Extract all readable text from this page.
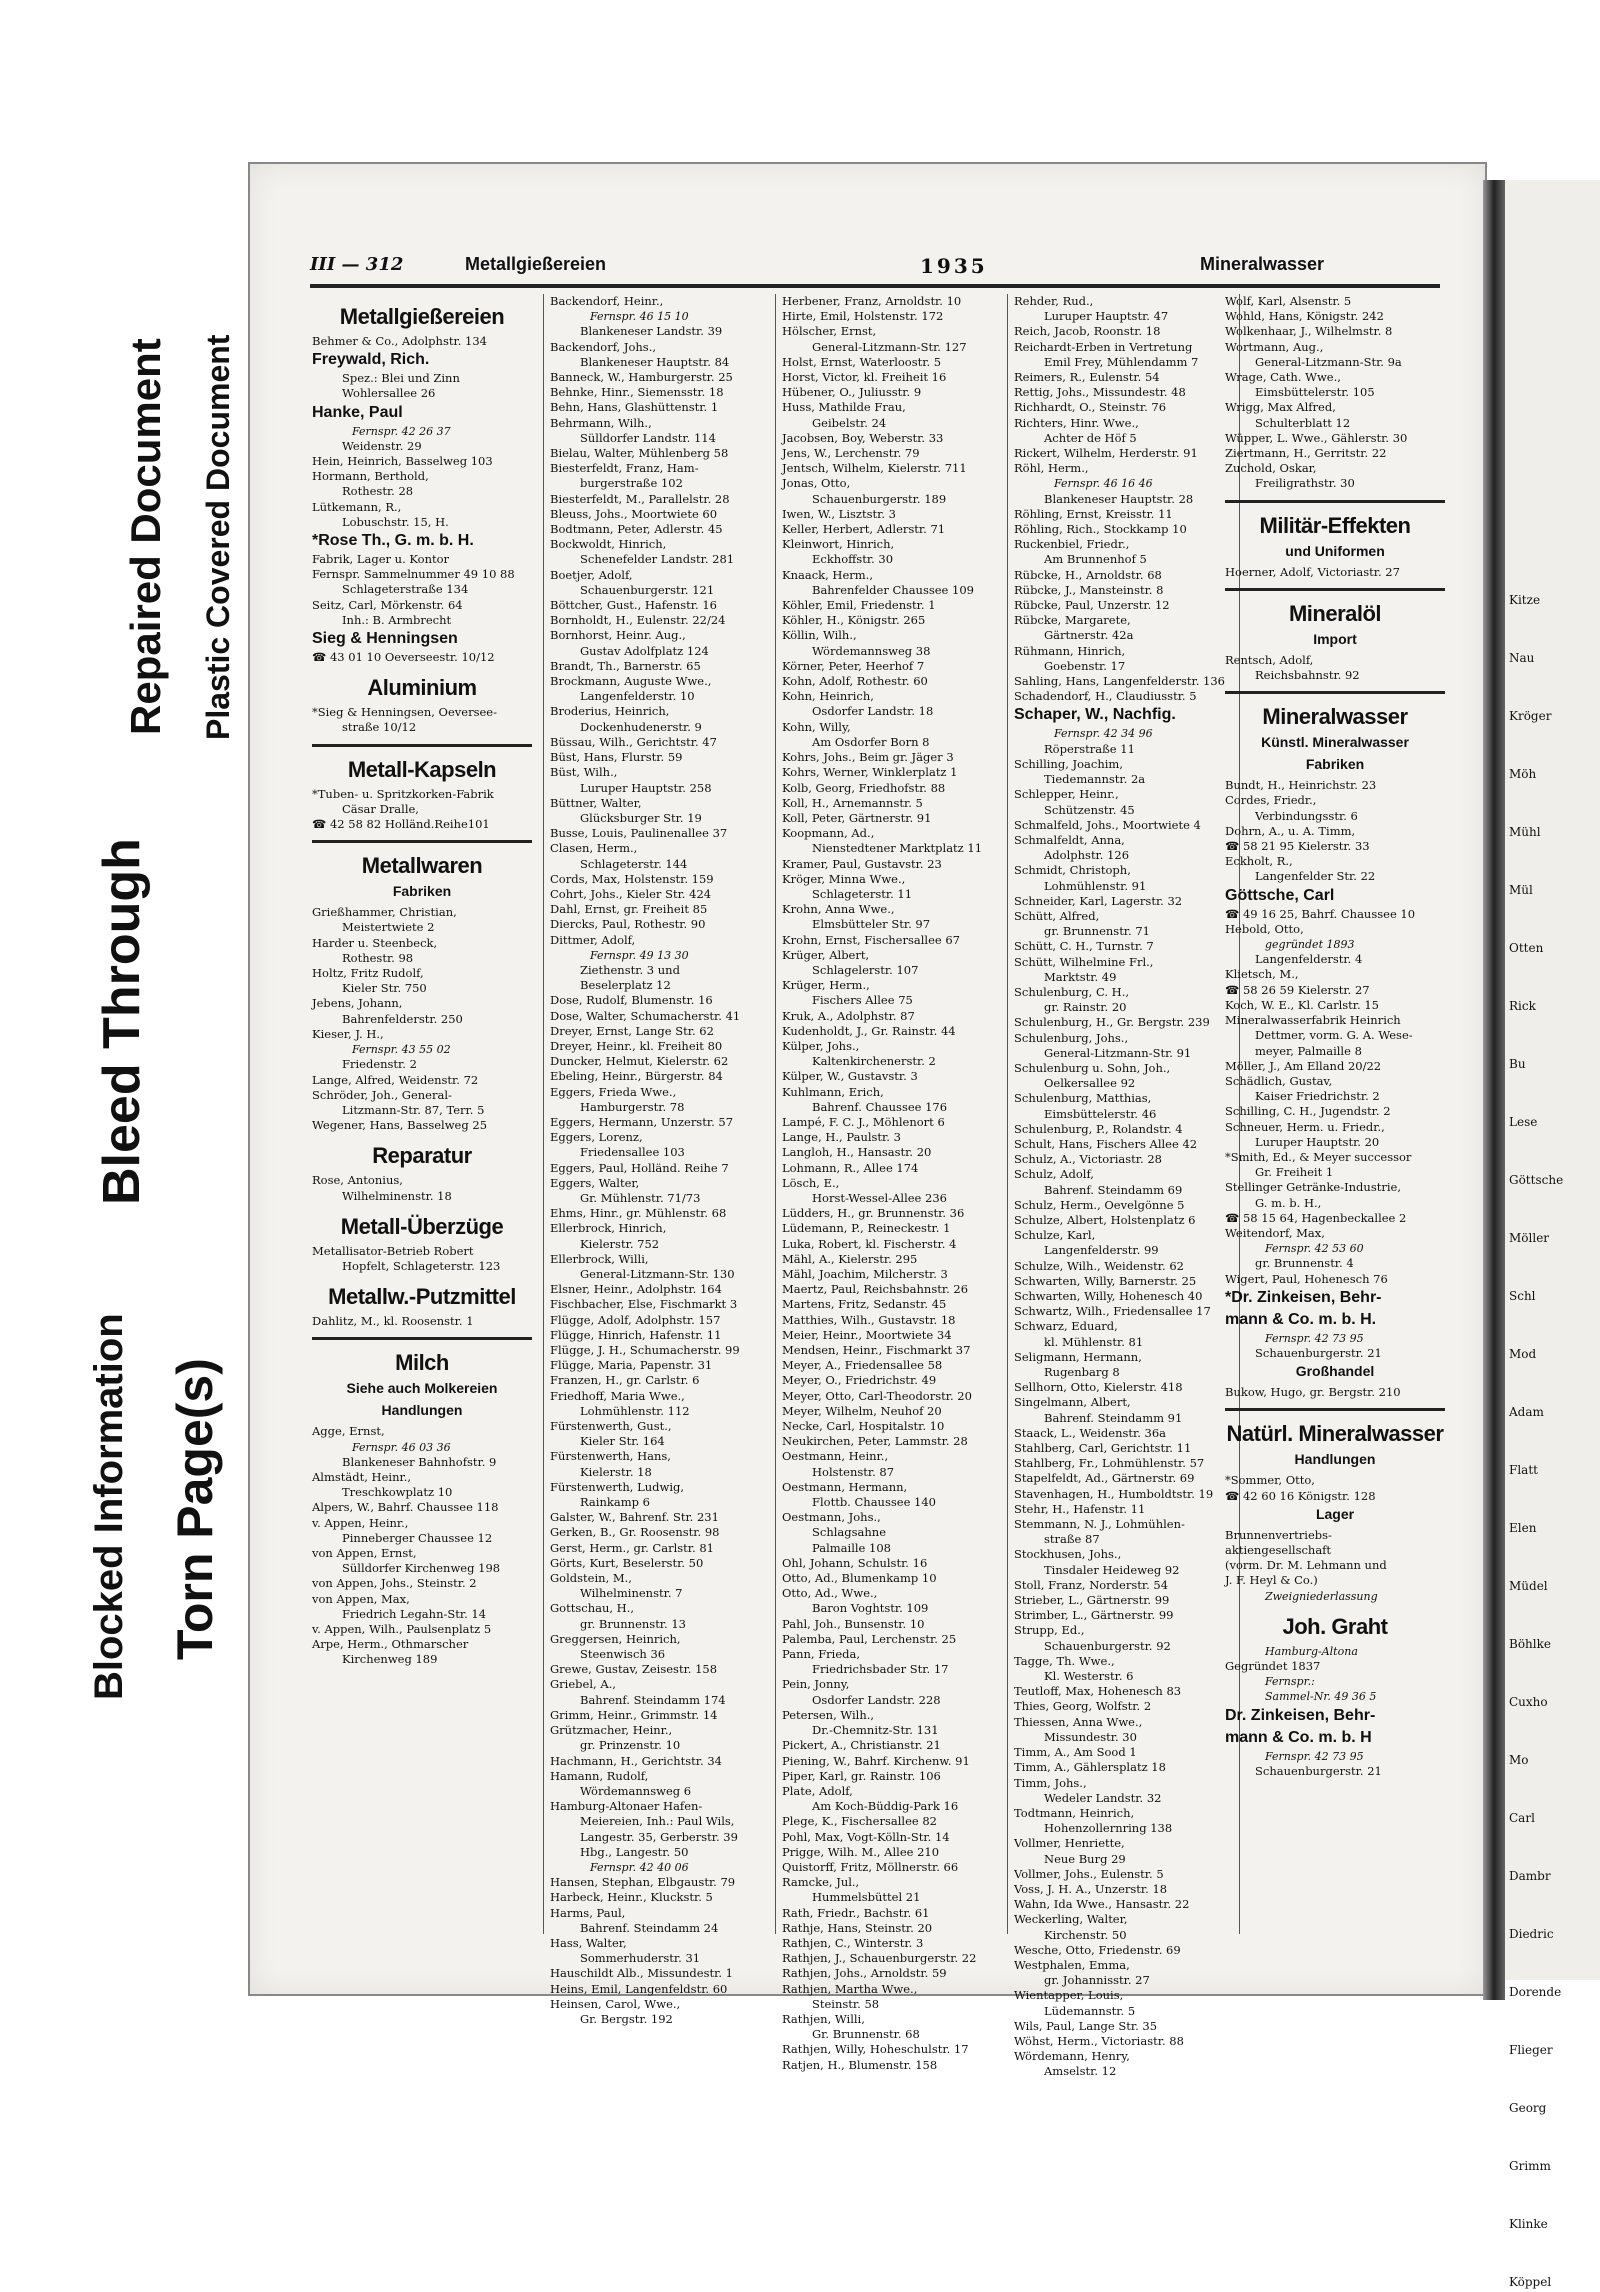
Bleed Through
Repaired Document Plastic Covered Document
Blocked Information Torn Page(s)
III — 312	Metallgießereien	1935	Mineralwasser
Metallgießereien
Behmer & Co., Adolphstr. 134
Freywald, Rich.
Spez.: Blei und Zinn
Wohlersallee 26
Hanke, Paul
Fernspr. 42 26 37
Weidenstr. 29
Hein, Heinrich, Basselweg 103
Hormann, Berthold,
Rothestr. 28
Lütkemann, R.,
Lobuschstr. 15, H.
*Rose Th., G. m. b. H.
Fabrik, Lager u. Kontor
Fernspr. Sammelnummer 49 10 88
Schlageterstraße 134
Seitz, Carl, Mörkenstr. 64
Inh.: B. Armbrecht
Sieg & Henningsen
☎ 43 01 10 Oeverseestr. 10/12
Aluminium
*Sieg & Henningsen, Oeversee-
straße 10/12
Metall-Kapseln
*Tuben- u. Spritzkorken-Fabrik
Cäsar Dralle,
☎ 42 58 82 Holländ.Reihe101
Metallwaren
Fabriken
Grießhammer, Christian,
Meistertwiete 2
Harder u. Steenbeck,
Rothestr. 98
Holtz, Fritz Rudolf,
Kieler Str. 750
Jebens, Johann,
Bahrenfelderstr. 250
Kieser, J. H.,
Fernspr. 43 55 02
Friedenstr. 2
Lange, Alfred, Weidenstr. 72
Schröder, Joh., General-
Litzmann-Str. 87, Terr. 5
Wegener, Hans, Basselweg 25
Reparatur
Rose, Antonius,
Wilhelminenstr. 18
Metall-Überzüge
Metallisator-Betrieb Robert
Hopfelt, Schlageterstr. 123
Metallw.-Putzmittel
Dahlitz, M., kl. Roosenstr. 1
Milch
Siehe auch Molkereien
Handlungen
Agge, Ernst,
Fernspr. 46 03 36
Blankeneser Bahnhofstr. 9
Almstädt, Heinr.,
Treschkowplatz 10
Alpers, W., Bahrf. Chaussee 118
v. Appen, Heinr.,
Pinneberger Chaussee 12
von Appen, Ernst,
Sülldorfer Kirchenweg 198
von Appen, Johs., Steinstr. 2
von Appen, Max,
Friedrich Legahn-Str. 14
v. Appen, Wilh., Paulsenplatz 5
Arpe, Herm., Othmarscher
Kirchenweg 189
Backendorf, Heinr.,
Fernspr. 46 15 10
Blankeneser Landstr. 39
Backendorf, Johs.,
Blankeneser Hauptstr. 84
Banneck, W., Hamburgerstr. 25
Behnke, Hinr., Siemensstr. 18
Behn, Hans, Glashüttenstr. 1
Behrmann, Wilh.,
Sülldorfer Landstr. 114
Bielau, Walter, Mühlenberg 58
Biesterfeldt, Franz, Ham-
burgerstraße 102
Biesterfeldt, M., Parallelstr. 28
Bleuss, Johs., Moortwiete 60
Bodtmann, Peter, Adlerstr. 45
Bockwoldt, Hinrich,
Schenefelder Landstr. 281
Boetjer, Adolf,
Schauenburgerstr. 121
Böttcher, Gust., Hafenstr. 16
Bornholdt, H., Eulenstr. 22/24
Bornhorst, Heinr. Aug.,
Gustav Adolfplatz 124
Brandt, Th., Barnerstr. 65
Brockmann, Auguste Wwe.,
Langenfelderstr. 10
Broderius, Heinrich,
Dockenhudenerstr. 9
Büssau, Wilh., Gerichtstr. 47
Büst, Hans, Flurstr. 59
Büst, Wilh.,
Luruper Hauptstr. 258
Büttner, Walter,
Glücksburger Str. 19
Busse, Louis, Paulinenallee 37
Clasen, Herm.,
Schlageterstr. 144
Cords, Max, Holstenstr. 159
Cohrt, Johs., Kieler Str. 424
Dahl, Ernst, gr. Freiheit 85
Diercks, Paul, Rothestr. 90
Dittmer, Adolf,
Fernspr. 49 13 30
Ziethenstr. 3 und
Beselerplatz 12
Dose, Rudolf, Blumenstr. 16
Dose, Walter, Schumacherstr. 41
Dreyer, Ernst, Lange Str. 62
Dreyer, Heinr., kl. Freiheit 80
Duncker, Helmut, Kielerstr. 62
Ebeling, Heinr., Bürgerstr. 84
Eggers, Frieda Wwe.,
Hamburgerstr. 78
Eggers, Hermann, Unzerstr. 57
Eggers, Lorenz,
Friedensallee 103
Eggers, Paul, Holländ. Reihe 7
Eggers, Walter,
Gr. Mühlenstr. 71/73
Ehms, Hinr., gr. Mühlenstr. 68
Ellerbrock, Hinrich,
Kielerstr. 752
Ellerbrock, Willi,
General-Litzmann-Str. 130
Elsner, Heinr., Adolphstr. 164
Fischbacher, Else, Fischmarkt 3
Flügge, Adolf, Adolphstr. 157
Flügge, Hinrich, Hafenstr. 11
Flügge, J. H., Schumacherstr. 99
Flügge, Maria, Papenstr. 31
Franzen, H., gr. Carlstr. 6
Friedhoff, Maria Wwe.,
Lohmühlenstr. 112
Fürstenwerth, Gust.,
Kieler Str. 164
Fürstenwerth, Hans,
Kielerstr. 18
Fürstenwerth, Ludwig,
Rainkamp 6
Galster, W., Bahrenf. Str. 231
Gerken, B., Gr. Roosenstr. 98
Gerst, Herm., gr. Carlstr. 81
Görts, Kurt, Beselerstr. 50
Goldstein, M.,
Wilhelminenstr. 7
Gottschau, H.,
gr. Brunnenstr. 13
Greggersen, Heinrich,
Steenwisch 36
Grewe, Gustav, Zeisestr. 158
Griebel, A.,
Bahrenf. Steindamm 174
Grimm, Heinr., Grimmstr. 14
Grützmacher, Heinr.,
gr. Prinzenstr. 10
Hachmann, H., Gerichtstr. 34
Hamann, Rudolf,
Wördemannsweg 6
Hamburg-Altonaer Hafen-
Meiereien, Inh.: Paul Wils,
Langestr. 35, Gerberstr. 39
Hbg., Langestr. 50
Fernspr. 42 40 06
Hansen, Stephan, Elbgaustr. 79
Harbeck, Heinr., Kluckstr. 5
Harms, Paul,
Bahrenf. Steindamm 24
Hass, Walter,
Sommerhuderstr. 31
Hauschildt Alb., Missundestr. 1
Heins, Emil, Langenfeldstr. 60
Heinsen, Carol, Wwe.,
Gr. Bergstr. 192
Herbener, Franz, Arnoldstr. 10
Hirte, Emil, Holstenstr. 172
Hölscher, Ernst,
General-Litzmann-Str. 127
Holst, Ernst, Waterloostr. 5
Horst, Victor, kl. Freiheit 16
Hübener, O., Juliusstr. 9
Huss, Mathilde Frau,
Geibelstr. 24
Jacobsen, Boy, Weberstr. 33
Jens, W., Lerchenstr. 79
Jentsch, Wilhelm, Kielerstr. 711
Jonas, Otto,
Schauenburgerstr. 189
Iwen, W., Lisztstr. 3
Keller, Herbert, Adlerstr. 71
Kleinwort, Hinrich,
Eckhoffstr. 30
Knaack, Herm.,
Bahrenfelder Chaussee 109
Köhler, Emil, Friedenstr. 1
Köhler, H., Königstr. 265
Köllin, Wilh.,
Wördemannsweg 38
Körner, Peter, Heerhof 7
Kohn, Adolf, Rothestr. 60
Kohn, Heinrich,
Osdorfer Landstr. 18
Kohn, Willy,
Am Osdorfer Born 8
Kohrs, Johs., Beim gr. Jäger 3
Kohrs, Werner, Winklerplatz 1
Kolb, Georg, Friedhofstr. 88
Koll, H., Arnemannstr. 5
Koll, Peter, Gärtnerstr. 91
Koopmann, Ad.,
Nienstedtener Marktplatz 11
Kramer, Paul, Gustavstr. 23
Kröger, Minna Wwe.,
Schlageterstr. 11
Krohn, Anna Wwe.,
Elmsbütteler Str. 97
Krohn, Ernst, Fischersallee 67
Krüger, Albert,
Schlagelerstr. 107
Krüger, Herm.,
Fischers Allee 75
Kruk, A., Adolphstr. 87
Kudenholdt, J., Gr. Rainstr. 44
Külper, Johs.,
Kaltenkirchenerstr. 2
Külper, W., Gustavstr. 3
Kuhlmann, Erich,
Bahrenf. Chaussee 176
Lampé, F. C. J., Möhlenort 6
Lange, H., Paulstr. 3
Langloh, H., Hansastr. 20
Lohmann, R., Allee 174
Lösch, E.,
Horst-Wessel-Allee 236
Lüdders, H., gr. Brunnenstr. 36
Lüdemann, P., Reineckestr. 1
Luka, Robert, kl. Fischerstr. 4
Mähl, A., Kielerstr. 295
Mähl, Joachim, Milcherstr. 3
Maertz, Paul, Reichsbahnstr. 26
Martens, Fritz, Sedanstr. 45
Matthies, Wilh., Gustavstr. 18
Meier, Heinr., Moortwiete 34
Mendsen, Heinr., Fischmarkt 37
Meyer, A., Friedensallee 58
Meyer, O., Friedrichstr. 49
Meyer, Otto, Carl-Theodorstr. 20
Meyer, Wilhelm, Neuhof 20
Necke, Carl, Hospitalstr. 10
Neukirchen, Peter, Lammstr. 28
Oestmann, Heinr.,
Holstenstr. 87
Oestmann, Hermann,
Flottb. Chaussee 140
Oestmann, Johs.,
Schlagsahne
Palmaille 108
Ohl, Johann, Schulstr. 16
Otto, Ad., Blumenkamp 10
Otto, Ad., Wwe.,
Baron Voghtstr. 109
Pahl, Joh., Bunsenstr. 10
Palemba, Paul, Lerchenstr. 25
Pann, Frieda,
Friedrichsbader Str. 17
Pein, Jonny,
Osdorfer Landstr. 228
Petersen, Wilh.,
Dr.-Chemnitz-Str. 131
Pickert, A., Christianstr. 21
Piening, W., Bahrf. Kirchenw. 91
Piper, Karl, gr. Rainstr. 106
Plate, Adolf,
Am Koch-Büddig-Park 16
Plege, K., Fischersallee 82
Pohl, Max, Vogt-Kölln-Str. 14
Prigge, Wilh. M., Allee 210
Quistorff, Fritz, Möllnerstr. 66
Ramcke, Jul.,
Hummelsbüttel 21
Rath, Friedr., Bachstr. 61
Rathje, Hans, Steinstr. 20
Rathjen, C., Winterstr. 3
Rathjen, J., Schauenburgerstr. 22
Rathjen, Johs., Arnoldstr. 59
Rathjen, Martha Wwe.,
Steinstr. 58
Rathjen, Willi,
Gr. Brunnenstr. 68
Rathjen, Willy, Hoheschulstr. 17
Ratjen, H., Blumenstr. 158
Rehder, Rud.,
Luruper Hauptstr. 47
Reich, Jacob, Roonstr. 18
Reichardt-Erben in Vertretung
Emil Frey, Mühlendamm 7
Reimers, R., Eulenstr. 54
Rettig, Johs., Missundestr. 48
Richhardt, O., Steinstr. 76
Richters, Hinr. Wwe.,
Achter de Höf 5
Rickert, Wilhelm, Herderstr. 91
Röhl, Herm.,
Fernspr. 46 16 46
Blankeneser Hauptstr. 28
Röhling, Ernst, Kreisstr. 11
Röhling, Rich., Stockkamp 10
Ruckenbiel, Friedr.,
Am Brunnenhof 5
Rübcke, H., Arnoldstr. 68
Rübcke, J., Mansteinstr. 8
Rübcke, Paul, Unzerstr. 12
Rübcke, Margarete,
Gärtnerstr. 42a
Rühmann, Hinrich,
Goebenstr. 17
Sahling, Hans, Langenfelderstr. 136
Schadendorf, H., Claudiusstr. 5
Schaper, W., Nachfig.
Fernspr. 42 34 96
Röperstraße 11
Schilling, Joachim,
Tiedemannstr. 2a
Schlepper, Heinr.,
Schützenstr. 45
Schmalfeld, Johs., Moortwiete 4
Schmalfeldt, Anna,
Adolphstr. 126
Schmidt, Christoph,
Lohmühlenstr. 91
Schneider, Karl, Lagerstr. 32
Schütt, Alfred,
gr. Brunnenstr. 71
Schütt, C. H., Turnstr. 7
Schütt, Wilhelmine Frl.,
Marktstr. 49
Schulenburg, C. H.,
gr. Rainstr. 20
Schulenburg, H., Gr. Bergstr. 239
Schulenburg, Johs.,
General-Litzmann-Str. 91
Schulenburg u. Sohn, Joh.,
Oelkersallee 92
Schulenburg, Matthias,
Eimsbüttelerstr. 46
Schulenburg, P., Rolandstr. 4
Schult, Hans, Fischers Allee 42
Schulz, A., Victoriastr. 28
Schulz, Adolf,
Bahrenf. Steindamm 69
Schulz, Herm., Oevelgönne 5
Schulze, Albert, Holstenplatz 6
Schulze, Karl,
Langenfelderstr. 99
Schulze, Wilh., Weidenstr. 62
Schwarten, Willy, Barnerstr. 25
Schwarten, Willy, Hohenesch 40
Schwartz, Wilh., Friedensallee 17
Schwarz, Eduard,
kl. Mühlenstr. 81
Seligmann, Hermann,
Rugenbarg 8
Sellhorn, Otto, Kielerstr. 418
Singelmann, Albert,
Bahrenf. Steindamm 91
Staack, L., Weidenstr. 36a
Stahlberg, Carl, Gerichtstr. 11
Stahlberg, Fr., Lohmühlenstr. 57
Stapelfeldt, Ad., Gärtnerstr. 69
Stavenhagen, H., Humboldtstr. 19
Stehr, H., Hafenstr. 11
Stemmann, N. J., Lohmühlen-
straße 87
Stockhusen, Johs.,
Tinsdaler Heideweg 92
Stoll, Franz, Norderstr. 54
Strieber, L., Gärtnerstr. 99
Strimber, L., Gärtnerstr. 99
Strupp, Ed.,
Schauenburgerstr. 92
Tagge, Th. Wwe.,
Kl. Westerstr. 6
Teutloff, Max, Hohenesch 83
Thies, Georg, Wolfstr. 2
Thiessen, Anna Wwe.,
Missundestr. 30
Timm, A., Am Sood 1
Timm, A., Gählersplatz 18
Timm, Johs.,
Wedeler Landstr. 32
Todtmann, Heinrich,
Hohenzollernring 138
Vollmer, Henriette,
Neue Burg 29
Vollmer, Johs., Eulenstr. 5
Voss, J. H. A., Unzerstr. 18
Wahn, Ida Wwe., Hansastr. 22
Weckerling, Walter,
Kirchenstr. 50
Wesche, Otto, Friedenstr. 69
Westphalen, Emma,
gr. Johannisstr. 27
Wientapper, Louis,
Lüdemannstr. 5
Wils, Paul, Lange Str. 35
Wöhst, Herm., Victoriastr. 88
Wördemann, Henry,
Amselstr. 12
Wolf, Karl, Alsenstr. 5
Wohld, Hans, Königstr. 242
Wolkenhaar, J., Wilhelmstr. 8
Wortmann, Aug.,
General-Litzmann-Str. 9a
Wrage, Cath. Wwe.,
Eimsbüttelerstr. 105
Wrigg, Max Alfred,
Schulterblatt 12
Wüpper, L. Wwe., Gählerstr. 30
Ziertmann, H., Gerritstr. 22
Zuchold, Oskar,
Freiligrathstr. 30
Militär-Effekten
und Uniformen
Hoerner, Adolf, Victoriastr. 27
Mineralöl
Import
Rentsch, Adolf,
Reichsbahnstr. 92
Mineralwasser
Künstl. Mineralwasser
Fabriken
Bundt, H., Heinrichstr. 23
Cordes, Friedr.,
Verbindungsstr. 6
Dohrn, A., u. A. Timm,
☎ 58 21 95 Kielerstr. 33
Eckholt, R.,
Langenfelder Str. 22
Göttsche, Carl
☎ 49 16 25, Bahrf. Chaussee 10
Hebold, Otto,
gegründet 1893
Langenfelderstr. 4
Klietsch, M.,
☎ 58 26 59 Kielerstr. 27
Koch, W. E., Kl. Carlstr. 15
Mineralwasserfabrik Heinrich
Dettmer, vorm. G. A. Wese-
meyer, Palmaille 8
Möller, J., Am Elland 20/22
Schädlich, Gustav,
Kaiser Friedrichstr. 2
Schilling, C. H., Jugendstr. 2
Schneuer, Herm. u. Friedr.,
Luruper Hauptstr. 20
*Smith, Ed., & Meyer successor
Gr. Freiheit 1
Stellinger Getränke-Industrie,
G. m. b. H.,
☎ 58 15 64, Hagenbeckallee 2
Weitendorf, Max,
Fernspr. 42 53 60
gr. Brunnenstr. 4
Wigert, Paul, Hohenesch 76
*Dr. Zinkeisen, Behr-
mann & Co. m. b. H.
Fernspr. 42 73 95
Schauenburgerstr. 21
Großhandel
Bukow, Hugo, gr. Bergstr. 210
Natürl. Mineralwasser
Handlungen
*Sommer, Otto,
☎ 42 60 16 Königstr. 128
Lager
Brunnenvertriebs-
aktiengesellschaft
(vorm. Dr. M. Lehmann und
J. F. Heyl & Co.)
Zweigniederlassung
Joh. Graht
Hamburg-Altona
Gegründet 1837
Fernspr.:
Sammel-Nr. 49 36 5
Dr. Zinkeisen, Behr-
mann & Co. m. b. H
Fernspr. 42 73 95
Schauenburgerstr. 21
Kitze
Nau
Kröger
Möh
Mühl
Mül
Otten
Rick
Bu
Lese
Göttsche
Möller
Schl
Mod
Adam
Flatt
Elen
Müdel
Böhlke
Cuxho
Mo
Carl
Dambr
Diedric
Dorende
Flieger
Georg
Grimm
Klinke
Köppel
